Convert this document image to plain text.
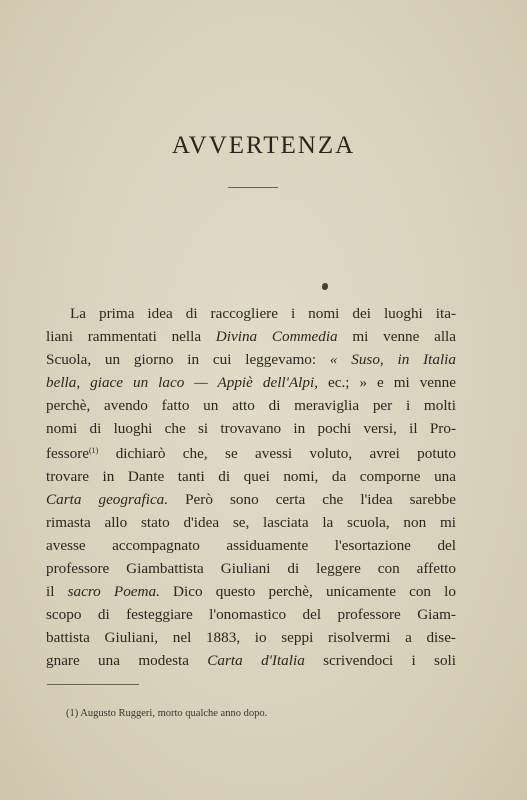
AVVERTENZA
La prima idea di raccogliere i nomi dei luoghi ita-
liani rammentati nella Divina Commedia mi venne alla
Scuola, un giorno in cui leggevamo: « Suso, in Italia
bella, giace un laco — Appiè dell'Alpi, ec.; » e mi venne
perchè, avendo fatto un atto di meraviglia per i molti
nomi di luoghi che si trovavano in pochi versi, il Pro-
fessore$^{(1)}$ dichiarò che, se avessi voluto, avrei potuto
trovare in Dante tanti di quei nomi, da comporne una
Carta geografica. Però sono certa che l'idea sarebbe
rimasta allo stato d'idea se, lasciata la scuola, non mi
avesse accompagnato assiduamente l'esortazione del
professore Giambattista Giuliani di leggere con affetto
il sacro Poema. Dico questo perchè, unicamente con lo
scopo di festeggiare l'onomastico del professore Giam-
battista Giuliani, nel 1883, io seppi risolvermi a dise-
gnare una modesta Carta d'Italia scrivendoci i soli
(1) Augusto Ruggeri, morto qualche anno dopo.
